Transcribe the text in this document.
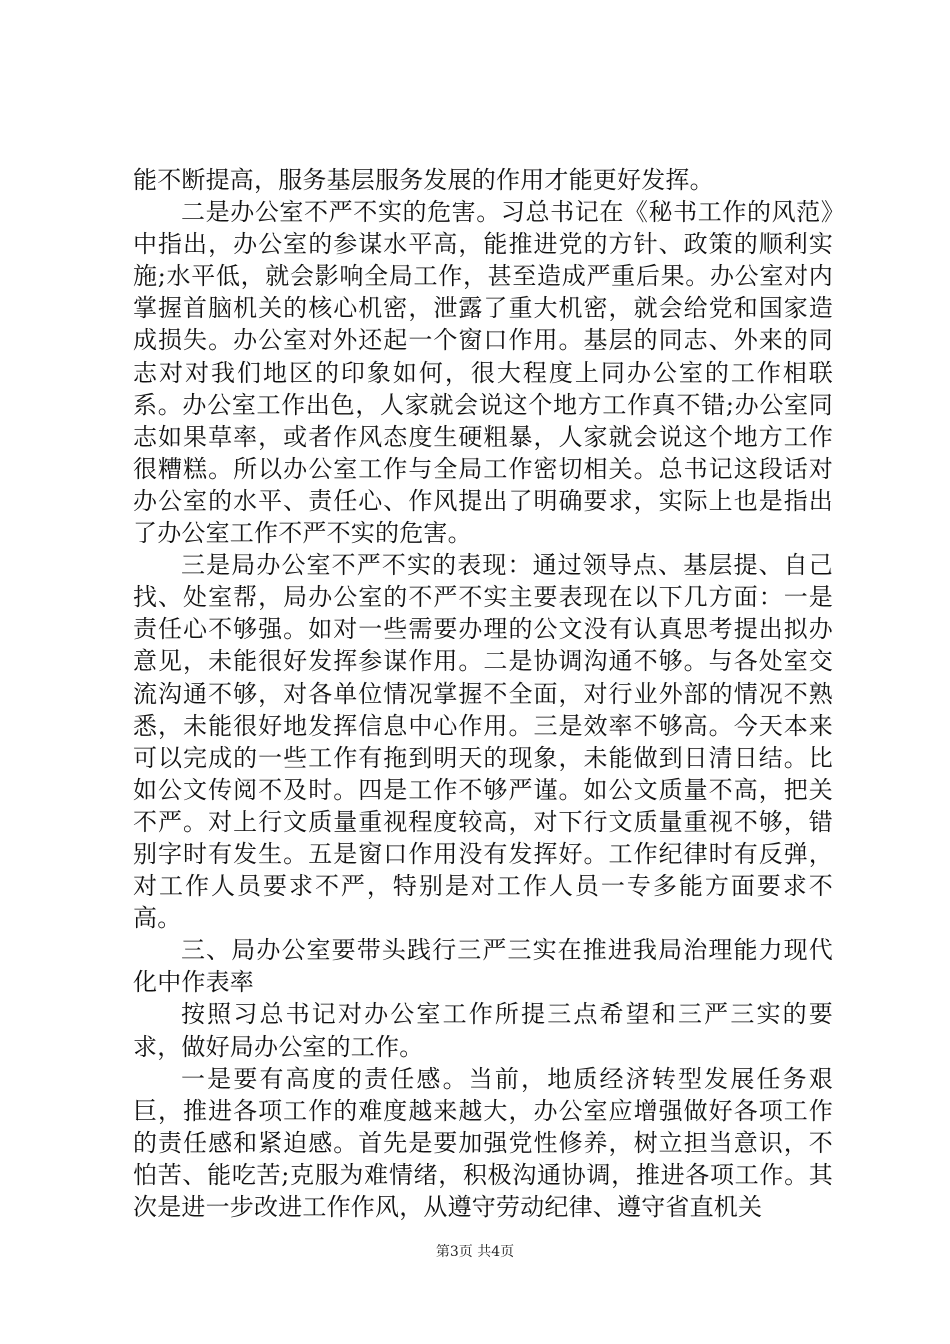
能不断提高，服务基层服务发展的作用才能更好发挥。

二是办公室不严不实的危害。习总书记在《秘书工作的风范》中指出，办公室的参谋水平高，能推进党的方针、政策的顺利实施;水平低，就会影响全局工作，甚至造成严重后果。办公室对内掌握首脑机关的核心机密，泄露了重大机密，就会给党和国家造成损失。办公室对外还起一个窗口作用。基层的同志、外来的同志对对我们地区的印象如何，很大程度上同办公室的工作相联系。办公室工作出色，人家就会说这个地方工作真不错;办公室同志如果草率，或者作风态度生硬粗暴，人家就会说这个地方工作很糟糕。所以办公室工作与全局工作密切相关。总书记这段话对办公室的水平、责任心、作风提出了明确要求，实际上也是指出了办公室工作不严不实的危害。

三是局办公室不严不实的表现：通过领导点、基层提、自己找、处室帮，局办公室的不严不实主要表现在以下几方面：一是责任心不够强。如对一些需要办理的公文没有认真思考提出拟办意见，未能很好发挥参谋作用。二是协调沟通不够。与各处室交流沟通不够，对各单位情况掌握不全面，对行业外部的情况不熟悉，未能很好地发挥信息中心作用。三是效率不够高。今天本来可以完成的一些工作有拖到明天的现象，未能做到日清日结。比如公文传阅不及时。四是工作不够严谨。如公文质量不高，把关不严。对上行文质量重视程度较高，对下行文质量重视不够，错别字时有发生。五是窗口作用没有发挥好。工作纪律时有反弹，对工作人员要求不严，特别是对工作人员一专多能方面要求不高。

三、局办公室要带头践行三严三实在推进我局治理能力现代化中作表率

按照习总书记对办公室工作所提三点希望和三严三实的要求，做好局办公室的工作。

一是要有高度的责任感。当前，地质经济转型发展任务艰巨，推进各项工作的难度越来越大，办公室应增强做好各项工作的责任感和紧迫感。首先是要加强党性修养，树立担当意识，不怕苦、能吃苦;克服为难情绪，积极沟通协调，推进各项工作。其次是进一步改进工作作风，从遵守劳动纪律、遵守省直机关

第3页 共4页
